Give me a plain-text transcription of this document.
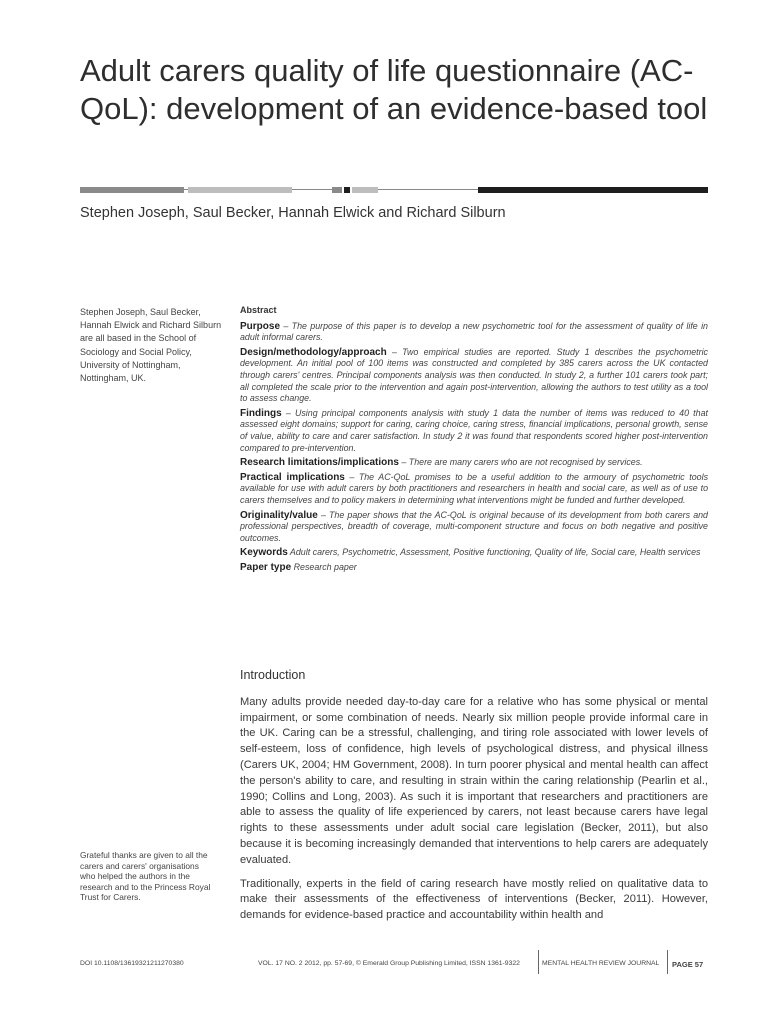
Adult carers quality of life questionnaire (AC-QoL): development of an evidence-based tool

Stephen Joseph, Saul Becker, Hannah Elwick and Richard Silburn

Stephen Joseph, Saul Becker, Hannah Elwick and Richard Silburn are all based in the School of Sociology and Social Policy, University of Nottingham, Nottingham, UK.

Grateful thanks are given to all the carers and carers' organisations who helped the authors in the research and to the Princess Royal Trust for Carers.

Abstract

Purpose – The purpose of this paper is to develop a new psychometric tool for the assessment of quality of life in adult informal carers.

Design/methodology/approach – Two empirical studies are reported. Study 1 describes the psychometric development. An initial pool of 100 items was constructed and completed by 385 carers across the UK contacted through carers' centres. Principal components analysis was then conducted. In study 2, a further 101 carers took part; all completed the scale prior to the intervention and again post-intervention, allowing the authors to test utility as a tool to assess change.

Findings – Using principal components analysis with study 1 data the number of items was reduced to 40 that assessed eight domains; support for caring, caring choice, caring stress, financial implications, personal growth, sense of value, ability to care and carer satisfaction. In study 2 it was found that respondents scored higher post-intervention compared to pre-intervention.

Research limitations/implications – There are many carers who are not recognised by services.

Practical implications – The AC-QoL promises to be a useful addition to the armoury of psychometric tools available for use with adult carers by both practitioners and researchers in health and social care, as well as of use to carers themselves and to policy makers in determining what interventions might be funded and further developed.

Originality/value – The paper shows that the AC-QoL is original because of its development from both carers and professional perspectives, breadth of coverage, multi-component structure and focus on both negative and positive outcomes.

Keywords Adult carers, Psychometric, Assessment, Positive functioning, Quality of life, Social care, Health services

Paper type Research paper

Introduction

Many adults provide needed day-to-day care for a relative who has some physical or mental impairment, or some combination of needs. Nearly six million people provide informal care in the UK. Caring can be a stressful, challenging, and tiring role associated with lower levels of self-esteem, loss of confidence, high levels of psychological distress, and physical illness (Carers UK, 2004; HM Government, 2008). In turn poorer physical and mental health can affect the person's ability to care, and resulting in strain within the caring relationship (Pearlin et al., 1990; Collins and Long, 2003). As such it is important that researchers and practitioners are able to assess the quality of life experienced by carers, not least because carers have legal rights to these assessments under adult social care legislation (Becker, 2011), but also because it is becoming increasingly demanded that interventions to help carers are adequately evaluated.

Traditionally, experts in the field of caring research have mostly relied on qualitative data to make their assessments of the effectiveness of interventions (Becker, 2011). However, demands for evidence-based practice and accountability within health and

DOI 10.1108/13619321211270380	VOL. 17 NO. 2 2012, pp. 57-69, © Emerald Group Publishing Limited, ISSN 1361-9322	MENTAL HEALTH REVIEW JOURNAL PAGE 57
